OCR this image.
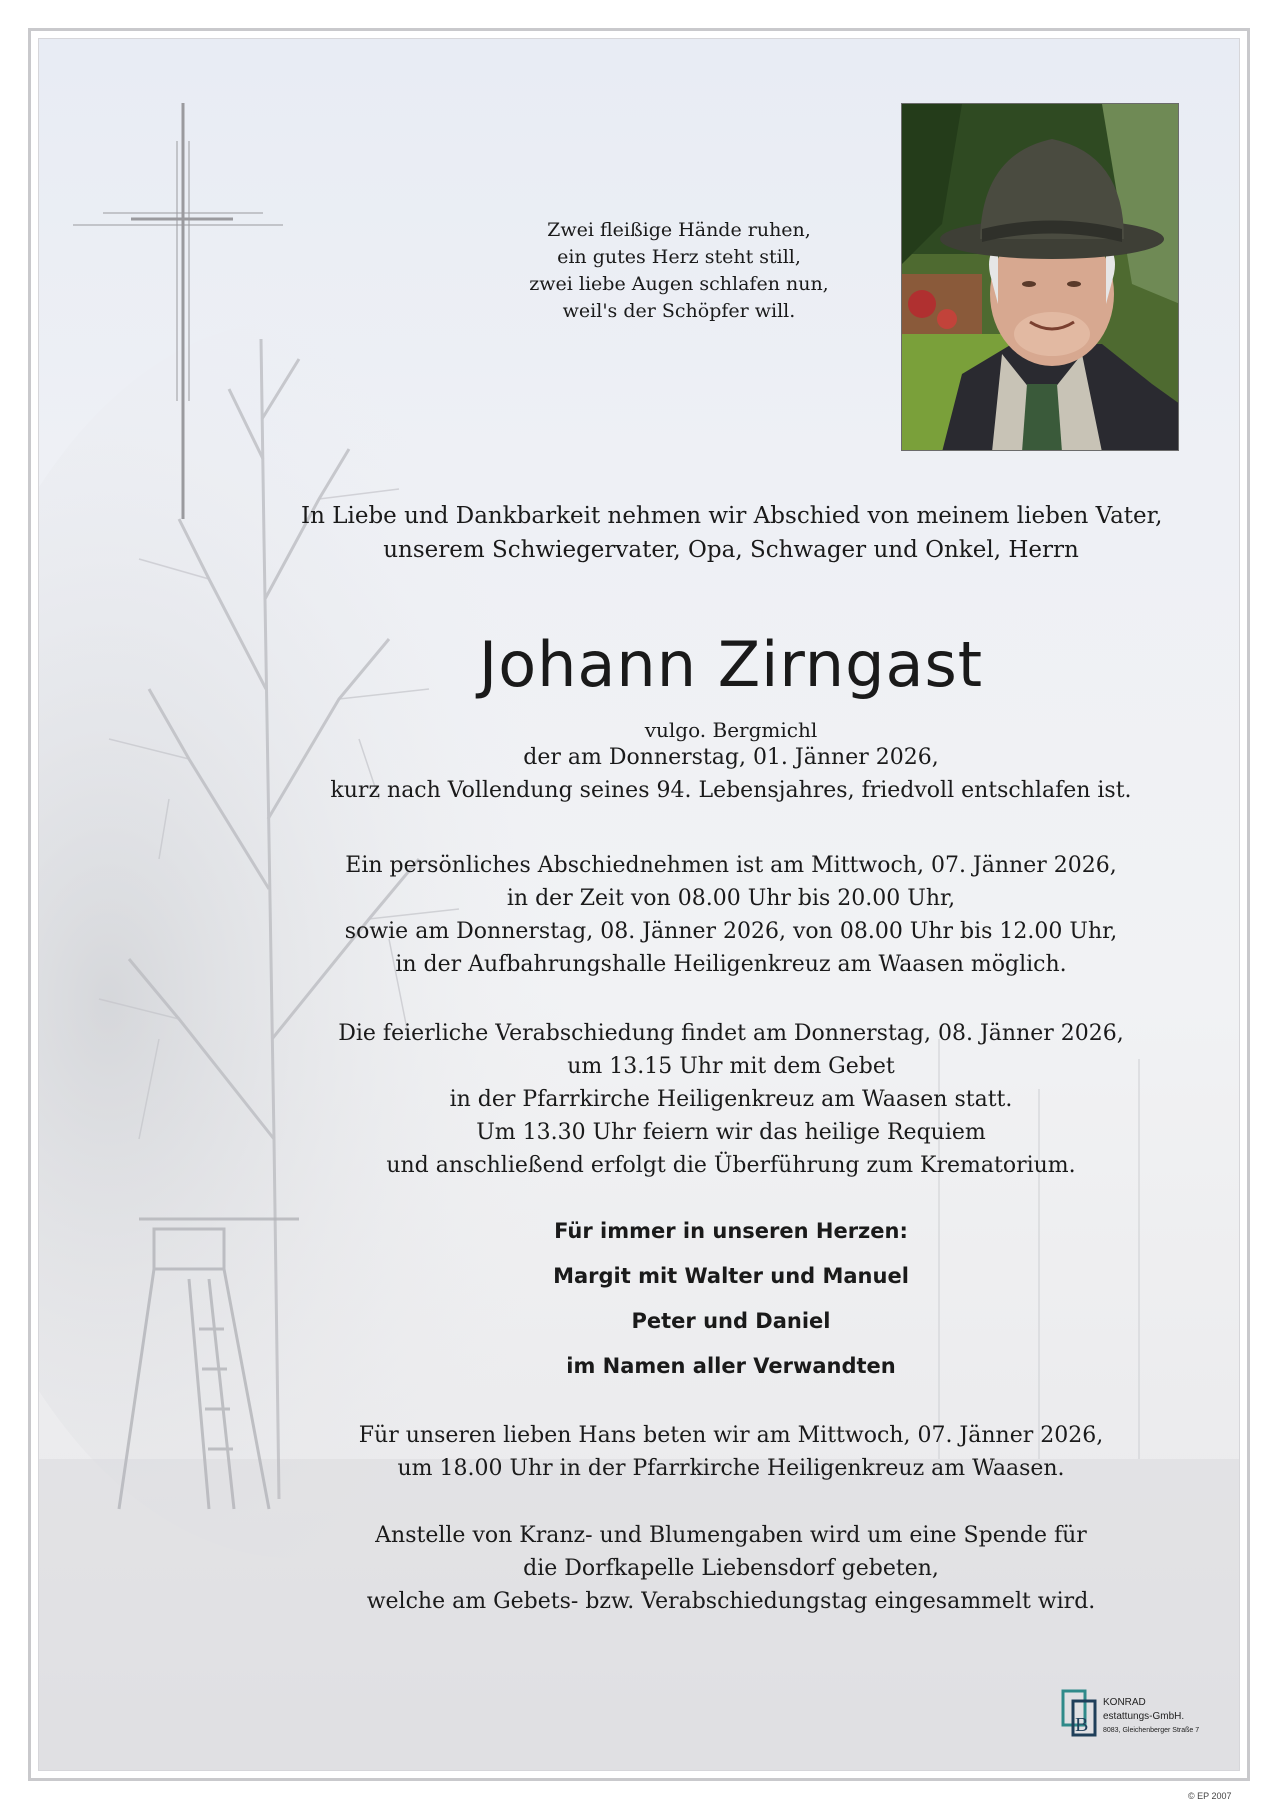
Zwei fleißige Hände ruhen,
ein gutes Herz steht still,
zwei liebe Augen schlafen nun,
weil's der Schöpfer will.
In Liebe und Dankbarkeit nehmen wir Abschied von meinem lieben Vater,
unserem Schwiegervater, Opa, Schwager und Onkel, Herrn
Johann Zirngast
vulgo. Bergmichl
der am Donnerstag, 01. Jänner 2026,
kurz nach Vollendung seines 94. Lebensjahres, friedvoll entschlafen ist.
Ein persönliches Abschiednehmen ist am Mittwoch, 07. Jänner 2026,
in der Zeit von 08.00 Uhr bis 20.00 Uhr,
sowie am Donnerstag, 08. Jänner 2026, von 08.00 Uhr bis 12.00 Uhr,
in der Aufbahrungshalle Heiligenkreuz am Waasen möglich.
Die feierliche Verabschiedung findet am Donnerstag, 08. Jänner 2026,
um 13.15 Uhr mit dem Gebet
in der Pfarrkirche Heiligenkreuz am Waasen statt.
Um 13.30 Uhr feiern wir das heilige Requiem
und anschließend erfolgt die Überführung zum Krematorium.
Für immer in unseren Herzen:
Margit mit Walter und Manuel
Peter und Daniel
im Namen aller Verwandten
Für unseren lieben Hans beten wir am Mittwoch, 07. Jänner 2026,
um 18.00 Uhr in der Pfarrkirche Heiligenkreuz am Waasen.
Anstelle von Kranz- und Blumengaben wird um eine Spende für
die Dorfkapelle Liebensdorf gebeten,
welche am Gebets- bzw. Verabschiedungstag eingesammelt wird.
B
KONRAD
estattungs-GmbH.
8083, Gleichenberger Straße 7
© EP 2007
